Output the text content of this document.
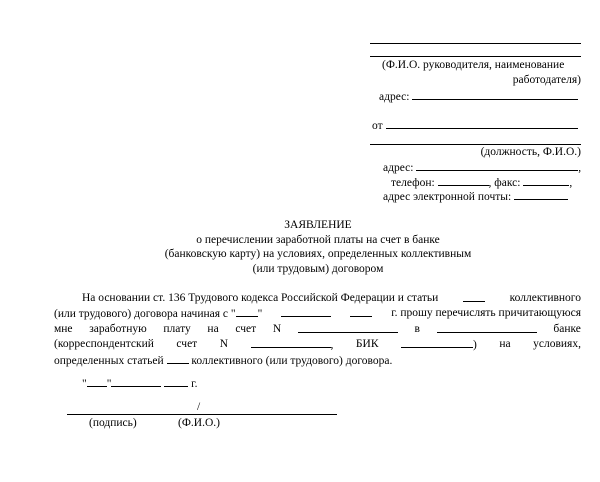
(Ф.И.О. руководителя, наименование
работодателя)
адрес:
от
(должность, Ф.И.О.)
адрес:	,
телефон:	, факс:	,
адрес электронной почты:
ЗАЯВЛЕНИЕ
о перечислении заработной платы на счет в банке
(банковскую карту) на условиях, определенных коллективным
(или трудовым) договором
На основании ст. 136 Трудового кодекса Российской Федерации и статьи	коллективного
(или трудового) договора начиная с " "	г. прошу перечислять причитающуюся
мне заработную плату на счет N	в	банке
(корреспондентский счет N	, БИК	) на условиях,
определенных статьей коллективного (или трудового) договора.
" "	г.
/
(подпись)	(Ф.И.О.)
